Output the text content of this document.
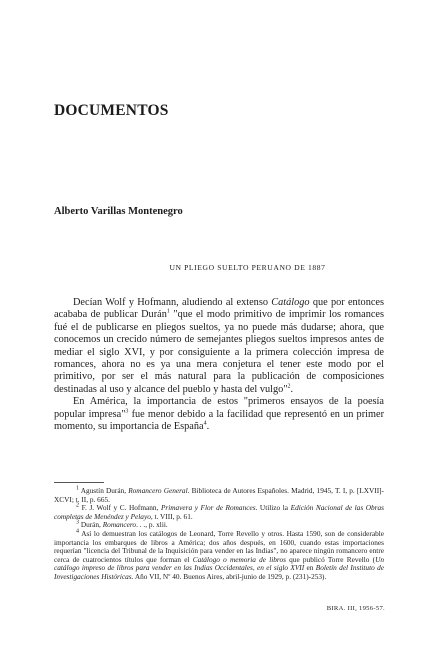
DOCUMENTOS
Alberto Varillas Montenegro
UN PLIEGO SUELTO PERUANO DE 1887

Decían Wolf y Hofmann, aludiendo al extenso Catálogo que por entonces acababa de publicar Durán$^1$ "que el modo primitivo de imprimir los romances fué el de publicarse en pliegos sueltos, ya no puede más dudarse; ahora, que conocemos un crecido número de semejantes pliegos sueltos impresos antes de mediar el siglo XVI, y por consiguiente a la primera colección impresa de romances, ahora no es ya una mera conjetura el tener este modo por el primitivo, por ser el más natural para la publicación de composiciones destinadas al uso y alcance del pueblo y hasta del vulgo"$^2$.

En América, la importancia de estos "primeros ensayos de la poesía popular impresa"$^3$ fue menor debido a la facilidad que representó en un primer momento, su importancia de España$^4$.

$^1$ Agustín Durán, Romancero General. Biblioteca de Autores Españoles. Madrid, 1945, T. I, p. [LXVII]-XCVI; t. II, p. 665.

$^2$ F. J. Wolf y C. Hofmann, Primavera y Flor de Romances. Utilizo la Edición Nacional de las Obras completas de Menéndez y Pelayo, t. VIII, p. 61.

$^3$ Durán, Romancero. . ., p. xlii.

$^4$ Así lo demuestran los catálogos de Leonard, Torre Revello y otros. Hasta 1590, son de considerable importancia los embarques de libros a América; dos años después, en 1600, cuando estas importaciones requerían "licencia del Tribunal de la Inquisición para vender en las Indias", no aparece ningún romancero entre cerca de cuatrocientos títulos que forman el Catálogo o memoria de libros que publicó Torre Revello (Un catálogo impreso de libros para vender en las Indias Occidentales, en el siglo XVII en Boletín del Instituto de Investigaciones Históricas. Año VII, Nº 40. Buenos Aires, abril-junio de 1929, p. (231)-253).

BIRA. III, 1956-57.
